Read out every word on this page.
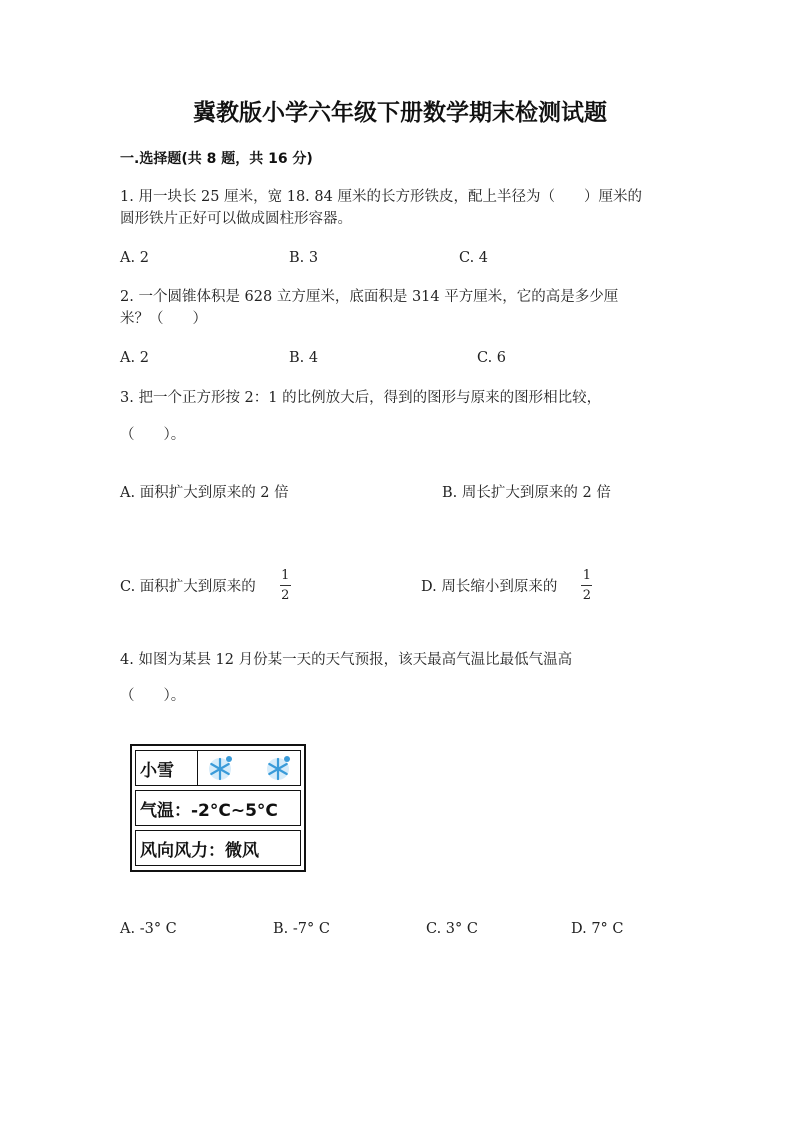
冀教版小学六年级下册数学期末检测试题
一.选择题(共 8 题，共 16 分)
1. 用一块长 25 厘米，宽 18. 84 厘米的长方形铁皮，配上半径为（　　）厘米的
圆形铁片正好可以做成圆柱形容器。
A. 2	B. 3	C. 4
2. 一个圆锥体积是 628 立方厘米，底面积是 314 平方厘米，它的高是多少厘
米？（　　）
A. 2	B. 4	C. 6
3. 把一个正方形按 2：1 的比例放大后，得到的图形与原来的图形相比较，
（　　）。
A. 面积扩大到原来的 2 倍	B. 周长扩大到原来的 2 倍
C. 面积扩大到原来的 $\frac{1}{2}$	D. 周长缩小到原来的 $\frac{1}{2}$
4. 如图为某县 12 月份某一天的天气预报，该天最高气温比最低气温高
（　　）。
小雪
气温：-2°C~5°C
风向风力：微风
A. -3° C	B. -7° C	C. 3° C	D. 7° C
